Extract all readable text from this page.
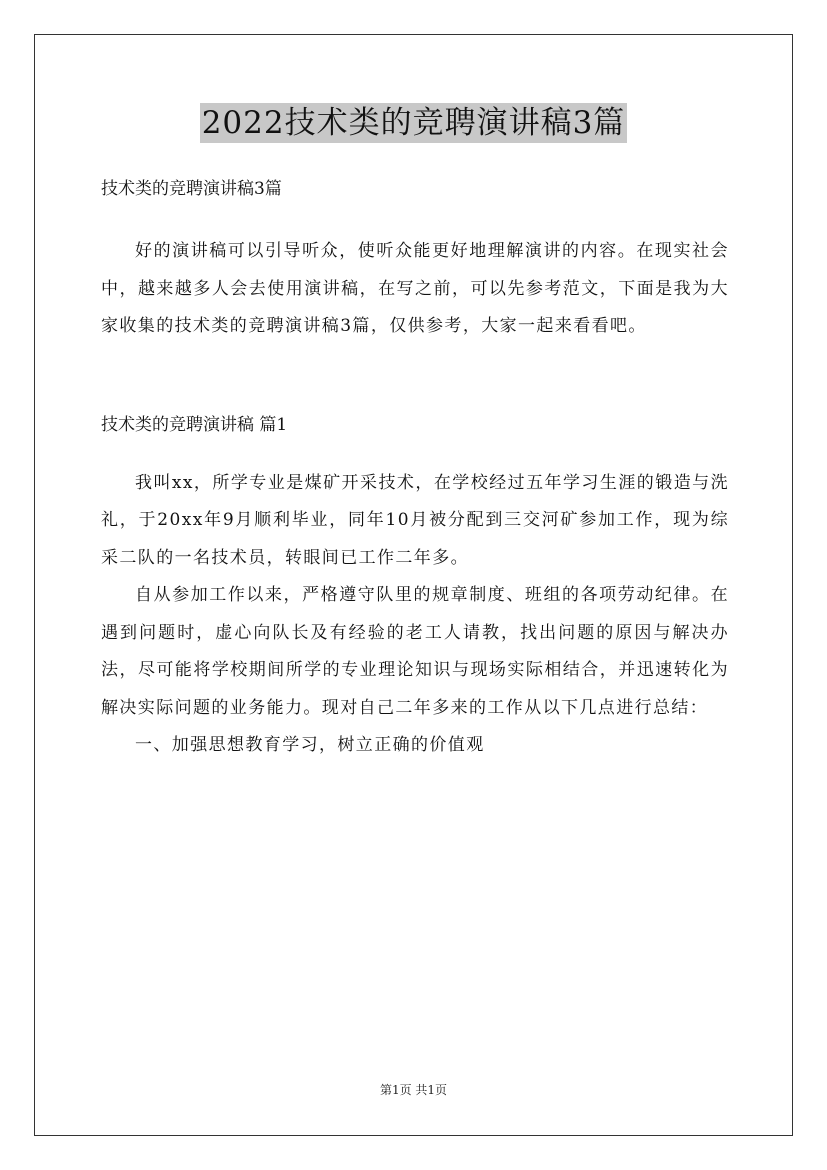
2022技术类的竞聘演讲稿3篇
技术类的竞聘演讲稿3篇

好的演讲稿可以引导听众，使听众能更好地理解演讲的内容。在现实社会中，越来越多人会去使用演讲稿，在写之前，可以先参考范文，下面是我为大家收集的技术类的竞聘演讲稿3篇，仅供参考，大家一起来看看吧。

技术类的竞聘演讲稿 篇1

我叫xx，所学专业是煤矿开采技术，在学校经过五年学习生涯的锻造与洗礼，于20xx年9月顺利毕业，同年10月被分配到三交河矿参加工作，现为综采二队的一名技术员，转眼间已工作二年多。

自从参加工作以来，严格遵守队里的规章制度、班组的各项劳动纪律。在遇到问题时，虚心向队长及有经验的老工人请教，找出问题的原因与解决办法，尽可能将学校期间所学的专业理论知识与现场实际相结合，并迅速转化为解决实际问题的业务能力。现对自己二年多来的工作从以下几点进行总结：

一、加强思想教育学习，树立正确的价值观

第1页 共1页
